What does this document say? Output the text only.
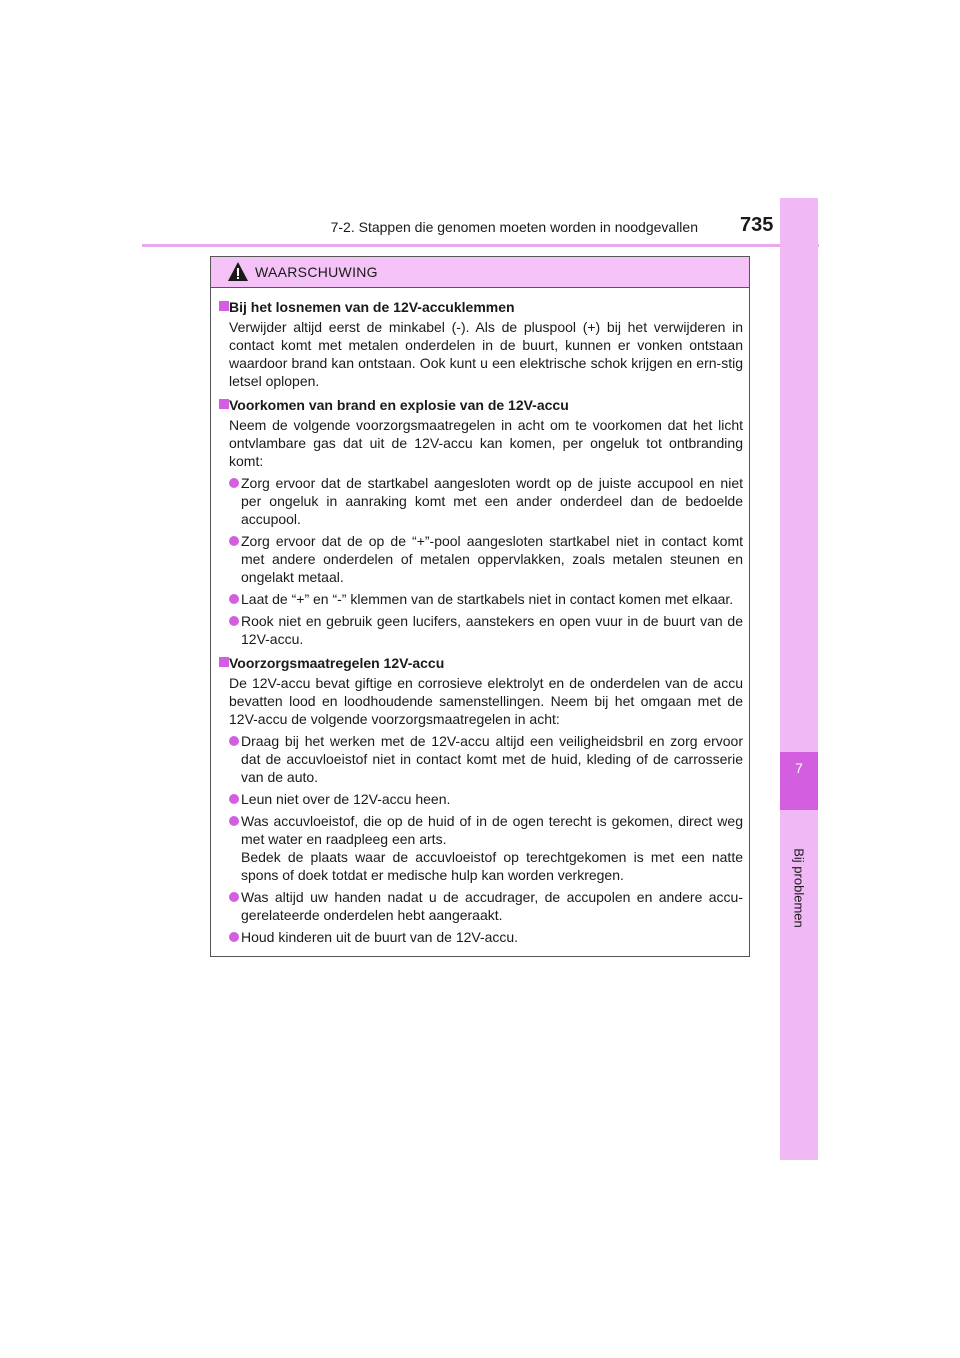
7-2. Stappen die genomen moeten worden in noodgevallen 735
7
Bij problemen
WAARSCHUWING
Bij het losnemen van de 12V-accuklemmen
Verwijder altijd eerst de minkabel (-). Als de pluspool (+) bij het verwijderen in contact komt met metalen onderdelen in de buurt, kunnen er vonken ontstaan waardoor brand kan ontstaan. Ook kunt u een elektrische schok krijgen en ern-stig letsel oplopen.
Voorkomen van brand en explosie van de 12V-accu
Neem de volgende voorzorgsmaatregelen in acht om te voorkomen dat het licht ontvlambare gas dat uit de 12V-accu kan komen, per ongeluk tot ontbranding komt:
Zorg ervoor dat de startkabel aangesloten wordt op de juiste accupool en niet per ongeluk in aanraking komt met een ander onderdeel dan de bedoelde accupool.
Zorg ervoor dat de op de “+”-pool aangesloten startkabel niet in contact komt met andere onderdelen of metalen oppervlakken, zoals metalen steunen en ongelakt metaal.
Laat de “+” en “-” klemmen van de startkabels niet in contact komen met elkaar.
Rook niet en gebruik geen lucifers, aanstekers en open vuur in de buurt van de 12V-accu.
Voorzorgsmaatregelen 12V-accu
De 12V-accu bevat giftige en corrosieve elektrolyt en de onderdelen van de accu bevatten lood en loodhoudende samenstellingen. Neem bij het omgaan met de 12V-accu de volgende voorzorgsmaatregelen in acht:
Draag bij het werken met de 12V-accu altijd een veiligheidsbril en zorg ervoor dat de accuvloeistof niet in contact komt met de huid, kleding of de carrosserie van de auto.
Leun niet over de 12V-accu heen.
Was accuvloeistof, die op de huid of in de ogen terecht is gekomen, direct weg met water en raadpleeg een arts.
Bedek de plaats waar de accuvloeistof op terechtgekomen is met een natte spons of doek totdat er medische hulp kan worden verkregen.
Was altijd uw handen nadat u de accudrager, de accupolen en andere accu-gerelateerde onderdelen hebt aangeraakt.
Houd kinderen uit de buurt van de 12V-accu.
